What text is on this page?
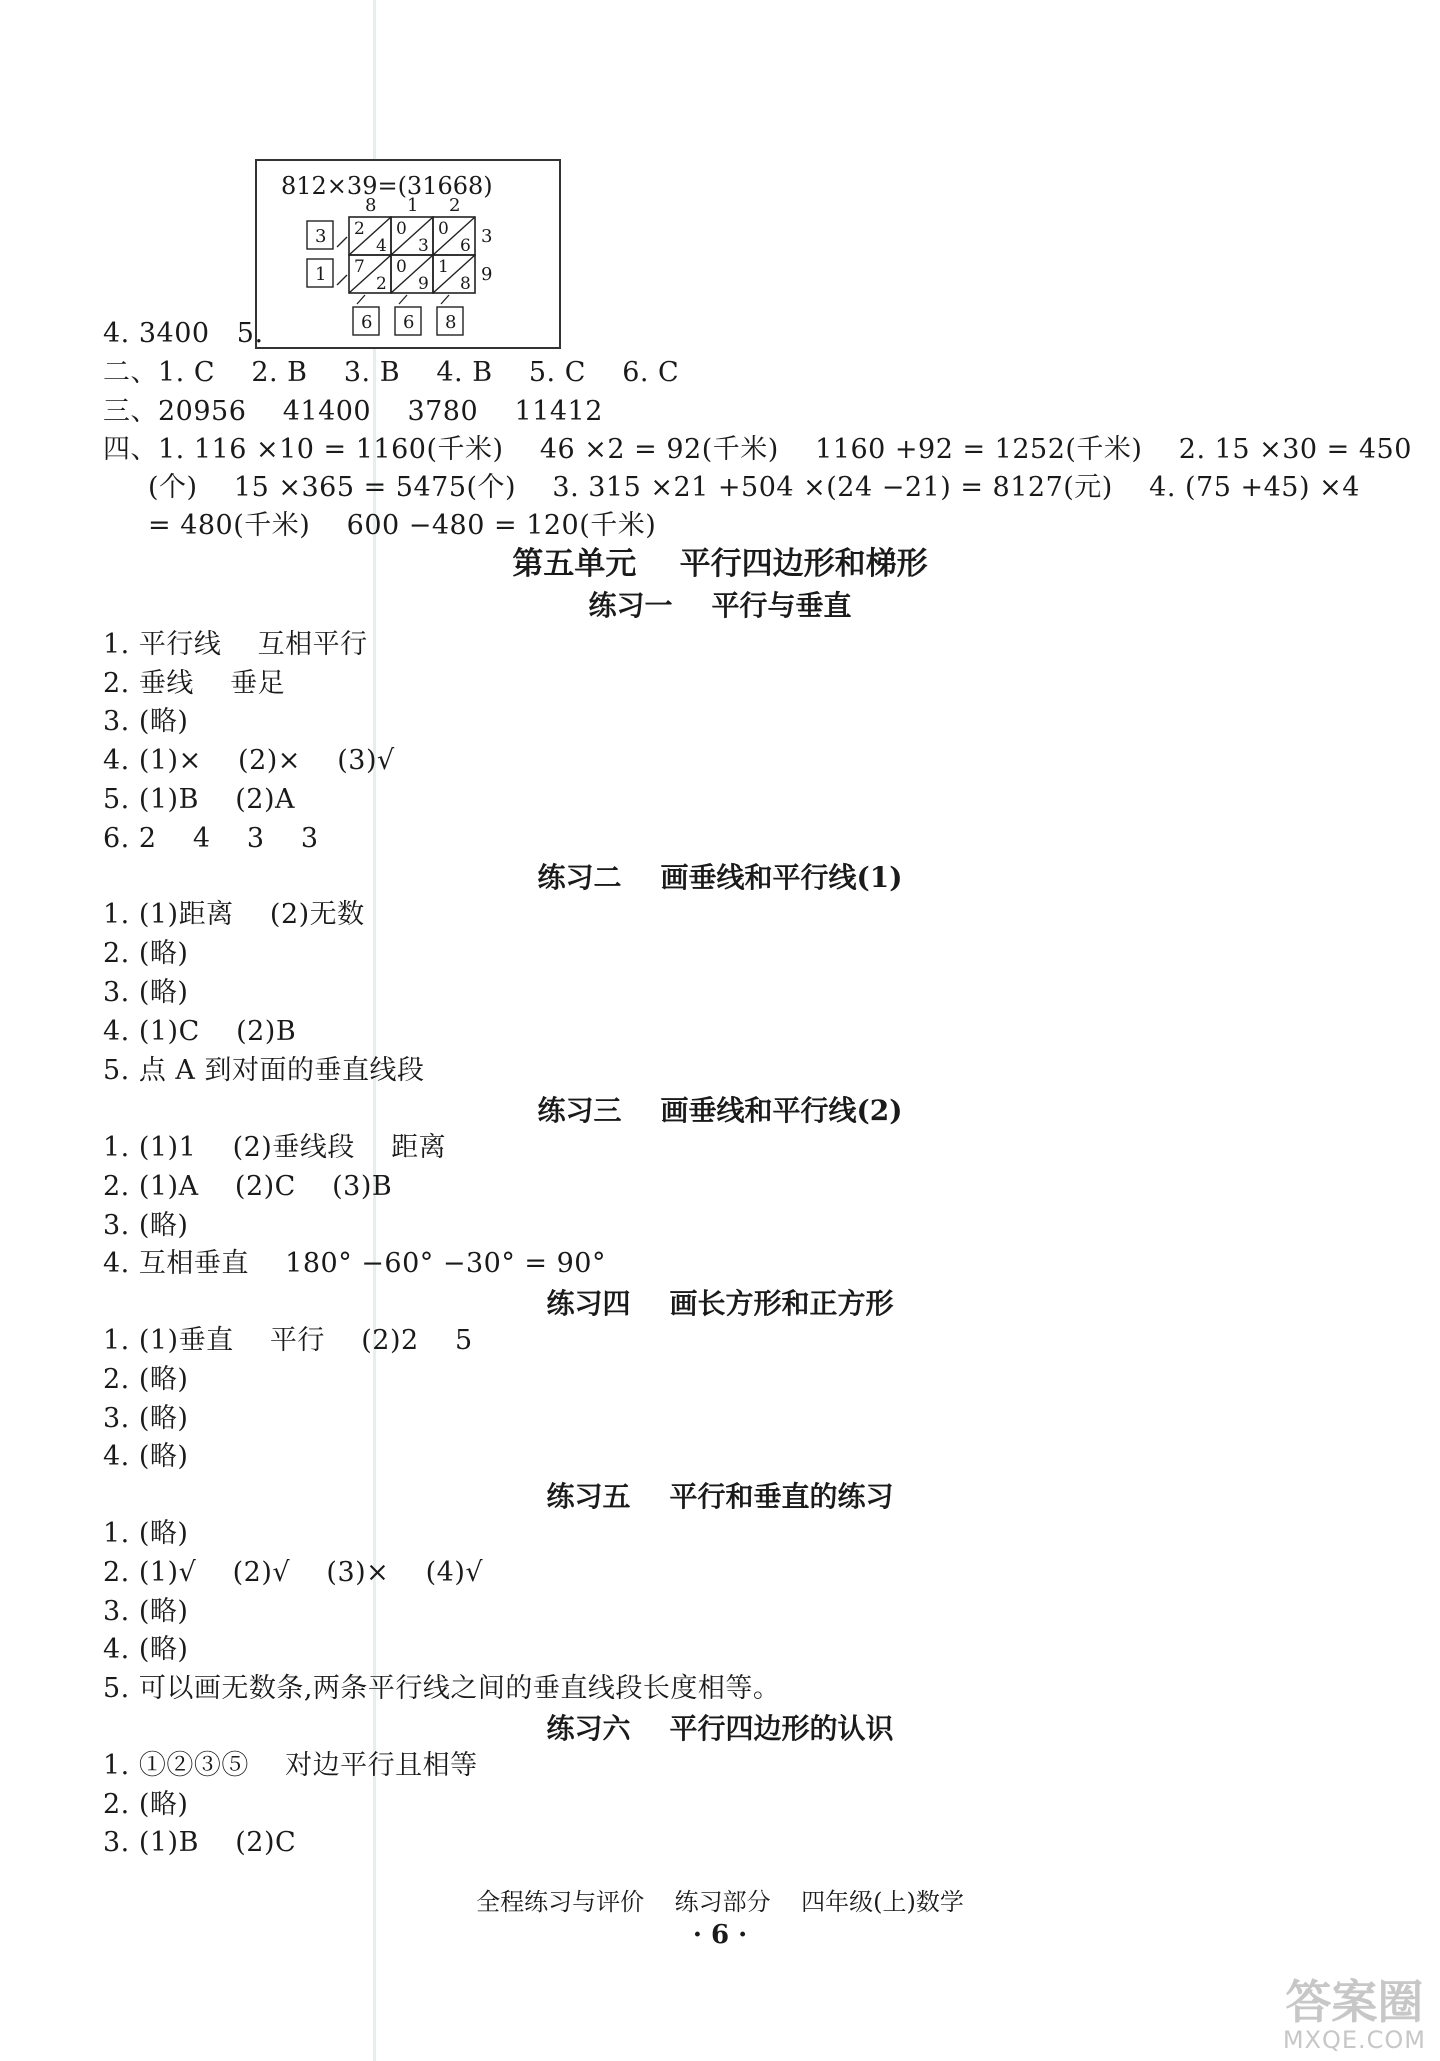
812×39=(31668)
2
4
0
3
0
6
7
2
0
9
1
8
8 1 2
3
9
3
1
6 6 8
4. 3400   5.
二、1. C    2. B    3. B    4. B    5. C    6. C
三、20956    41400    3780    11412
四、1. 116 ×10 = 1160(千米)    46 ×2 = 92(千米)    1160 +92 = 1252(千米)    2. 15 ×30 = 450
(个)    15 ×365 = 5475(个)    3. 315 ×21 +504 ×(24 −21) = 8127(元)    4. (75 +45) ×4
= 480(千米)    600 −480 = 120(千米)
第五单元    平行四边形和梯形
练习一    平行与垂直
1. 平行线    互相平行
2. 垂线    垂足
3. (略)
4. (1)×    (2)×    (3)√
5. (1)B    (2)A
6. 2    4    3    3
练习二    画垂线和平行线(1)
1. (1)距离    (2)无数
2. (略)
3. (略)
4. (1)C    (2)B
5. 点 A 到对面的垂直线段
练习三    画垂线和平行线(2)
1. (1)1    (2)垂线段    距离
2. (1)A    (2)C    (3)B
3. (略)
4. 互相垂直    180° −60° −30° = 90°
练习四    画长方形和正方形
1. (1)垂直    平行    (2)2    5
2. (略)
3. (略)
4. (略)
练习五    平行和垂直的练习
1. (略)
2. (1)√    (2)√    (3)×    (4)√
3. (略)
4. (略)
5. 可以画无数条,两条平行线之间的垂直线段长度相等。
练习六    平行四边形的认识
1. ①②③⑤    对边平行且相等
2. (略)
3. (1)B    (2)C
全程练习与评价    练习部分    四年级(上)数学
· 6 ·
答案圈
MXQE.COM
